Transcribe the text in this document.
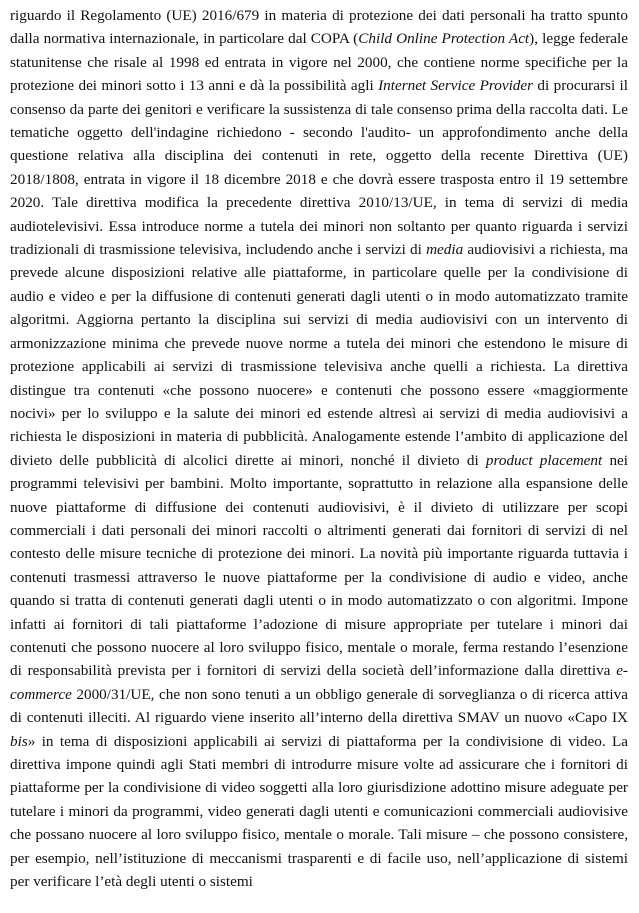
riguardo il Regolamento (UE) 2016/679 in materia di protezione dei dati personali ha tratto spunto dalla normativa internazionale, in particolare dal COPA (Child Online Protection Act), legge federale statunitense che risale al 1998 ed entrata in vigore nel 2000, che contiene norme specifiche per la protezione dei minori sotto i 13 anni e dà la possibilità agli Internet Service Provider di procurarsi il consenso da parte dei genitori e verificare la sussistenza di tale consenso prima della raccolta dati. Le tematiche oggetto dell'indagine richiedono - secondo l'audito- un approfondimento anche della questione relativa alla disciplina dei contenuti in rete, oggetto della recente Direttiva (UE) 2018/1808, entrata in vigore il 18 dicembre 2018 e che dovrà essere trasposta entro il 19 settembre 2020. Tale direttiva modifica la precedente direttiva 2010/13/UE, in tema di servizi di media audiotelevisivi. Essa introduce norme a tutela dei minori non soltanto per quanto riguarda i servizi tradizionali di trasmissione televisiva, includendo anche i servizi di media audiovisivi a richiesta, ma prevede alcune disposizioni relative alle piattaforme, in particolare quelle per la condivisione di audio e video e per la diffusione di contenuti generati dagli utenti o in modo automatizzato tramite algoritmi. Aggiorna pertanto la disciplina sui servizi di media audiovisivi con un intervento di armonizzazione minima che prevede nuove norme a tutela dei minori che estendono le misure di protezione applicabili ai servizi di trasmissione televisiva anche quelli a richiesta. La direttiva distingue tra contenuti «che possono nuocere» e contenuti che possono essere «maggiormente nocivi» per lo sviluppo e la salute dei minori ed estende altresì ai servizi di media audiovisivi a richiesta le disposizioni in materia di pubblicità. Analogamente estende l’ambito di applicazione del divieto delle pubblicità di alcolici dirette ai minori, nonché il divieto di product placement nei programmi televisivi per bambini. Molto importante, soprattutto in relazione alla espansione delle nuove piattaforme di diffusione dei contenuti audiovisivi, è il divieto di utilizzare per scopi commerciali i dati personali dei minori raccolti o altrimenti generati dai fornitori di servizi di nel contesto delle misure tecniche di protezione dei minori. La novità più importante riguarda tuttavia i contenuti trasmessi attraverso le nuove piattaforme per la condivisione di audio e video, anche quando si tratta di contenuti generati dagli utenti o in modo automatizzato o con algoritmi. Impone infatti ai fornitori di tali piattaforme l’adozione di misure appropriate per tutelare i minori dai contenuti che possono nuocere al loro sviluppo fisico, mentale o morale, ferma restando l’esenzione di responsabilità prevista per i fornitori di servizi della società dell’informazione dalla direttiva e-commerce 2000/31/UE, che non sono tenuti a un obbligo generale di sorveglianza o di ricerca attiva di contenuti illeciti. Al riguardo viene inserito all’interno della direttiva SMAV un nuovo «Capo IX bis» in tema di disposizioni applicabili ai servizi di piattaforma per la condivisione di video. La direttiva impone quindi agli Stati membri di introdurre misure volte ad assicurare che i fornitori di piattaforme per la condivisione di video soggetti alla loro giurisdizione adottino misure adeguate per tutelare i minori da programmi, video generati dagli utenti e comunicazioni commerciali audiovisive che possano nuocere al loro sviluppo fisico, mentale o morale. Tali misure – che possono consistere, per esempio, nell’istituzione di meccanismi trasparenti e di facile uso, nell’applicazione di sistemi per verificare l’età degli utenti o sistemi
